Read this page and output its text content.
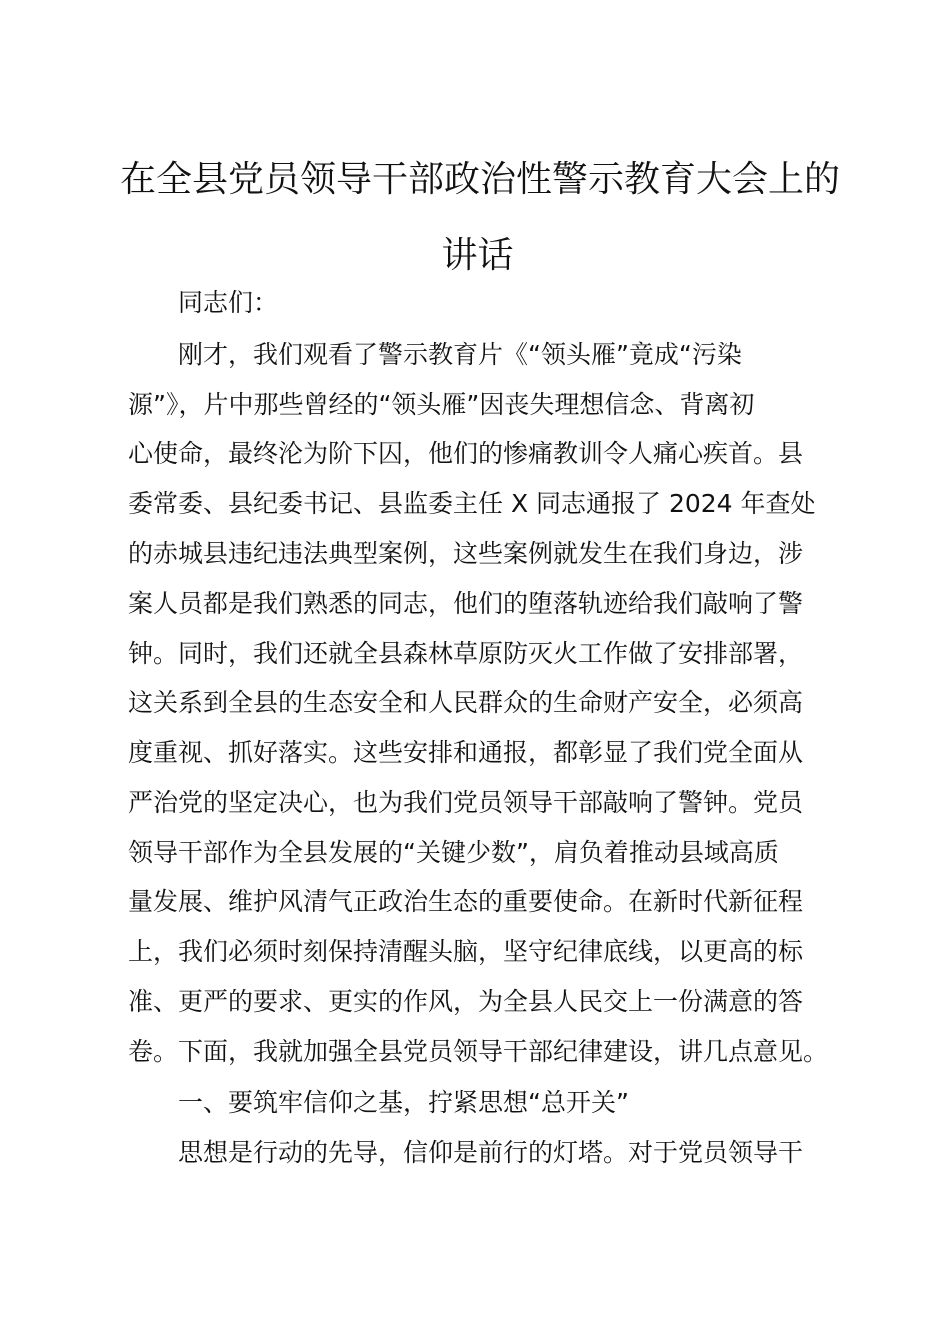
在全县党员领导干部政治性警示教育大会上的
讲话
同志们：
刚才，我们观看了警示教育片《“领头雁”竟成“污染
源”》，片中那些曾经的“领头雁”因丧失理想信念、背离初
心使命，最终沦为阶下囚，他们的惨痛教训令人痛心疾首。县
委常委、县纪委书记、县监委主任 X 同志通报了 2024 年查处
的赤城县违纪违法典型案例，这些案例就发生在我们身边，涉
案人员都是我们熟悉的同志，他们的堕落轨迹给我们敲响了警
钟。同时，我们还就全县森林草原防灭火工作做了安排部署，
这关系到全县的生态安全和人民群众的生命财产安全，必须高
度重视、抓好落实。这些安排和通报，都彰显了我们党全面从
严治党的坚定决心，也为我们党员领导干部敲响了警钟。党员
领导干部作为全县发展的“关键少数”，肩负着推动县域高质
量发展、维护风清气正政治生态的重要使命。在新时代新征程
上，我们必须时刻保持清醒头脑，坚守纪律底线，以更高的标
准、更严的要求、更实的作风，为全县人民交上一份满意的答
卷。下面，我就加强全县党员领导干部纪律建设，讲几点意见。
一、要筑牢信仰之基，拧紧思想“总开关”
思想是行动的先导，信仰是前行的灯塔。对于党员领导干
